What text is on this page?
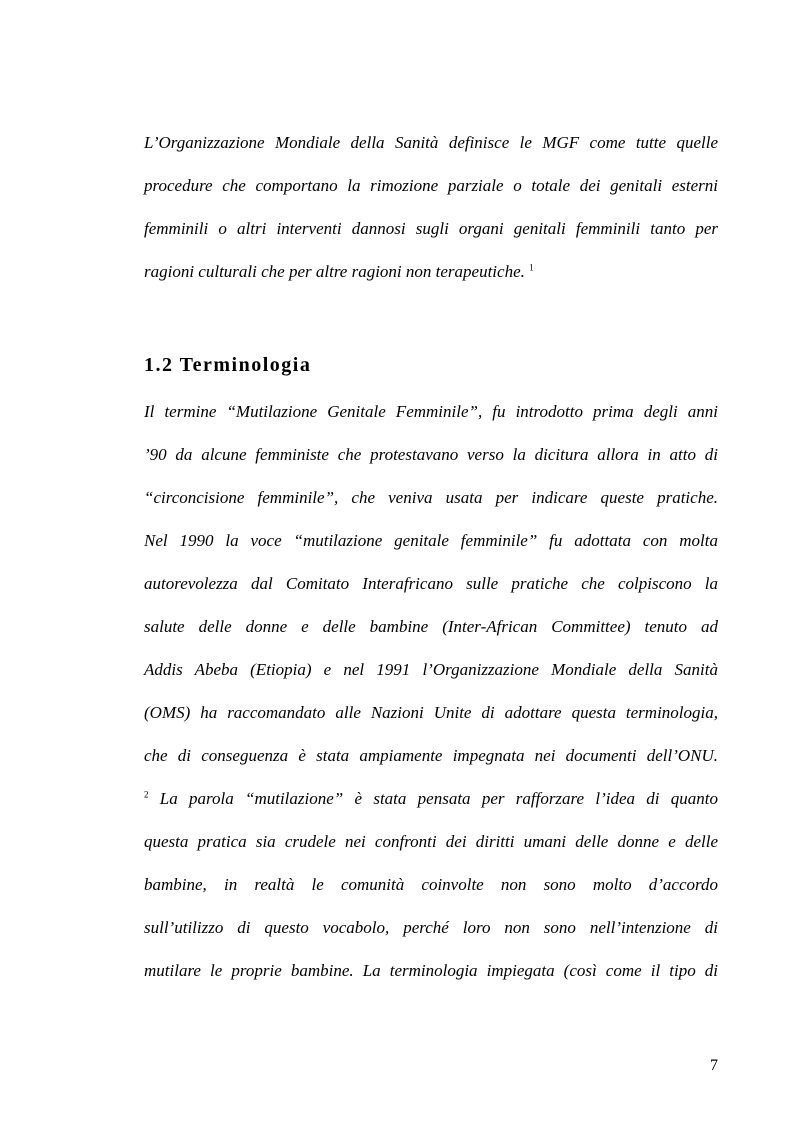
L’Organizzazione Mondiale della Sanità definisce le MGF come tutte quelle
procedure che comportano la rimozione parziale o totale dei genitali esterni
femminili o altri interventi dannosi sugli organi genitali femminili tanto per
ragioni culturali che per altre ragioni non terapeutiche. $^1$
1.2 Terminologia
Il termine “Mutilazione Genitale Femminile”, fu introdotto prima degli anni
’90 da alcune femministe che protestavano verso la dicitura allora in atto di
“circoncisione femminile”, che veniva usata per indicare queste pratiche.
Nel 1990 la voce “mutilazione genitale femminile” fu adottata con molta
autorevolezza dal Comitato Interafricano sulle pratiche che colpiscono la
salute delle donne e delle bambine (Inter-African Committee) tenuto ad
Addis Abeba (Etiopia) e nel 1991 l’Organizzazione Mondiale della Sanità
(OMS) ha raccomandato alle Nazioni Unite di adottare questa terminologia,
che di conseguenza è stata ampiamente impegnata nei documenti dell’ONU.
$^2$ La parola “mutilazione” è stata pensata per rafforzare l’idea di quanto
questa pratica sia crudele nei confronti dei diritti umani delle donne e delle
bambine, in realtà le comunità coinvolte non sono molto d’accordo
sull’utilizzo di questo vocabolo, perché loro non sono nell’intenzione di
mutilare le proprie bambine. La terminologia impiegata (così come il tipo di
7
